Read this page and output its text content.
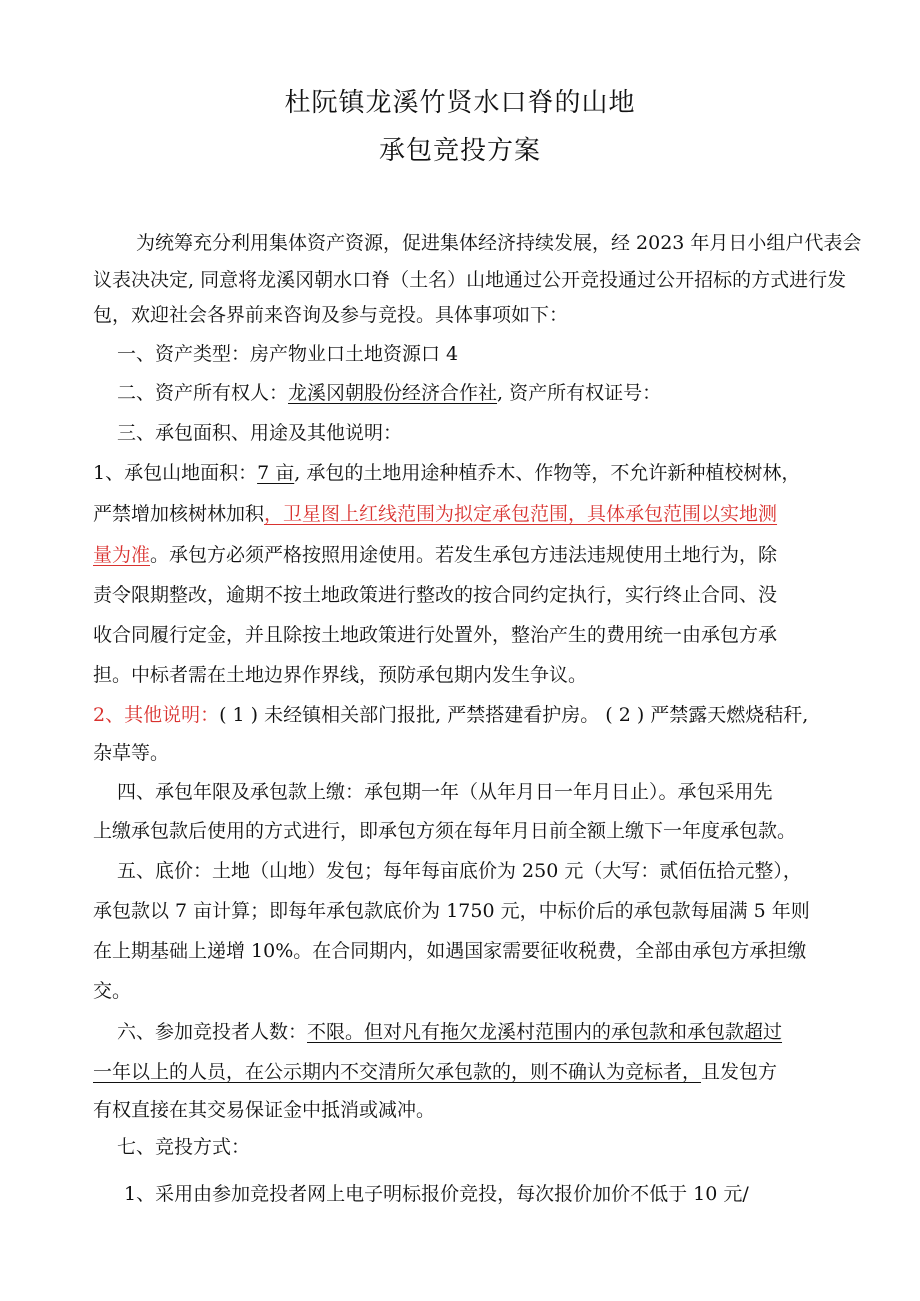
杜阮镇龙溪竹贤水口脊的山地
承包竞投方案
为统筹充分利用集体资产资源，促进集体经济持续发展，经 2023 年月日小组户代表会
议表决决定, 同意将龙溪冈朝水口脊（土名）山地通过公开竞投通过公开招标的方式进行发
包，欢迎社会各界前来咨询及参与竞投。具体事项如下：
一、资产类型：房产物业口土地资源口 4
二、资产所有权人：龙溪冈朝股份经济合作社, 资产所有权证号：
三、承包面积、用途及其他说明：
1、承包山地面积：7 亩, 承包的土地用途种植乔木、作物等，不允许新种植校树林，
严禁增加核树林加积，卫星图上红线范围为拟定承包范围，具体承包范围以实地测
量为准。承包方必须严格按照用途使用。若发生承包方违法违规使用土地行为，除
责令限期整改，逾期不按土地政策进行整改的按合同约定执行，实行终止合同、没
收合同履行定金，并且除按土地政策进行处置外，整治产生的费用统一由承包方承
担。中标者需在土地边界作界线，预防承包期内发生争议。
2、其他说明：( 1 ) 未经镇相关部门报批, 严禁搭建看护房。 ( 2 ) 严禁露天燃烧秸秆,
杂草等。
四、承包年限及承包款上缴：承包期一年（从年月日一年月日止）。承包采用先
上缴承包款后使用的方式进行，即承包方须在每年月日前全额上缴下一年度承包款。
五、底价：土地（山地）发包；每年每亩底价为 250 元（大写：贰佰伍拾元整），
承包款以 7 亩计算；即每年承包款底价为 1750 元，中标价后的承包款每届满 5 年则
在上期基础上递增 10%。在合同期内，如遇国家需要征收税费，全部由承包方承担缴
交。
六、参加竞投者人数：不限。但对凡有拖欠龙溪村范围内的承包款和承包款超过
一年以上的人员，在公示期内不交清所欠承包款的，则不确认为竞标者，且发包方
有权直接在其交易保证金中抵消或减冲。
七、竞投方式：
1、采用由参加竞投者网上电子明标报价竞投，每次报价加价不低于 10 元/
